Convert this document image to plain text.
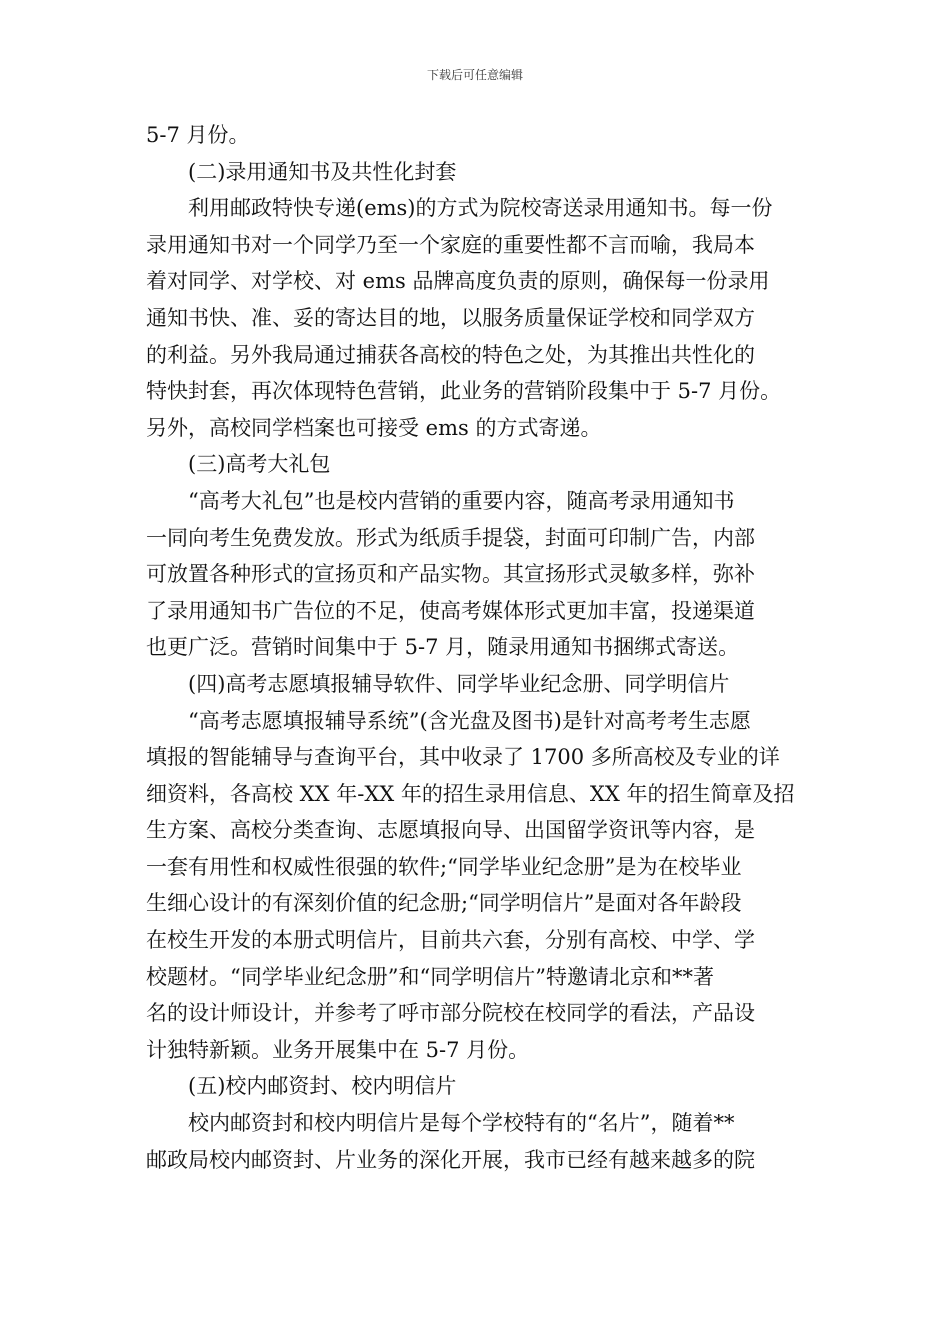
下载后可任意编辑
5-7 月份。
(二)录用通知书及共性化封套
利用邮政特快专递(ems)的方式为院校寄送录用通知书。每一份
录用通知书对一个同学乃至一个家庭的重要性都不言而喻，我局本
着对同学、对学校、对 ems 品牌高度负责的原则，确保每一份录用
通知书快、准、妥的寄达目的地，以服务质量保证学校和同学双方
的利益。另外我局通过捕获各高校的特色之处，为其推出共性化的
特快封套，再次体现特色营销，此业务的营销阶段集中于 5-7 月份。
另外，高校同学档案也可接受 ems 的方式寄递。
(三)高考大礼包
“高考大礼包”也是校内营销的重要内容，随高考录用通知书
一同向考生免费发放。形式为纸质手提袋，封面可印制广告，内部
可放置各种形式的宣扬页和产品实物。其宣扬形式灵敏多样，弥补
了录用通知书广告位的不足，使高考媒体形式更加丰富，投递渠道
也更广泛。营销时间集中于 5-7 月，随录用通知书捆绑式寄送。
(四)高考志愿填报辅导软件、同学毕业纪念册、同学明信片
“高考志愿填报辅导系统”(含光盘及图书)是针对高考考生志愿
填报的智能辅导与查询平台，其中收录了 1700 多所高校及专业的详
细资料，各高校 XX 年-XX 年的招生录用信息、XX 年的招生简章及招
生方案、高校分类查询、志愿填报向导、出国留学资讯等内容，是
一套有用性和权威性很强的软件;“同学毕业纪念册”是为在校毕业
生细心设计的有深刻价值的纪念册;“同学明信片”是面对各年龄段
在校生开发的本册式明信片，目前共六套，分别有高校、中学、学
校题材。“同学毕业纪念册”和“同学明信片”特邀请北京和**著
名的设计师设计，并参考了呼市部分院校在校同学的看法，产品设
计独特新颖。业务开展集中在 5-7 月份。
(五)校内邮资封、校内明信片
校内邮资封和校内明信片是每个学校特有的“名片”，随着**
邮政局校内邮资封、片业务的深化开展，我市已经有越来越多的院
